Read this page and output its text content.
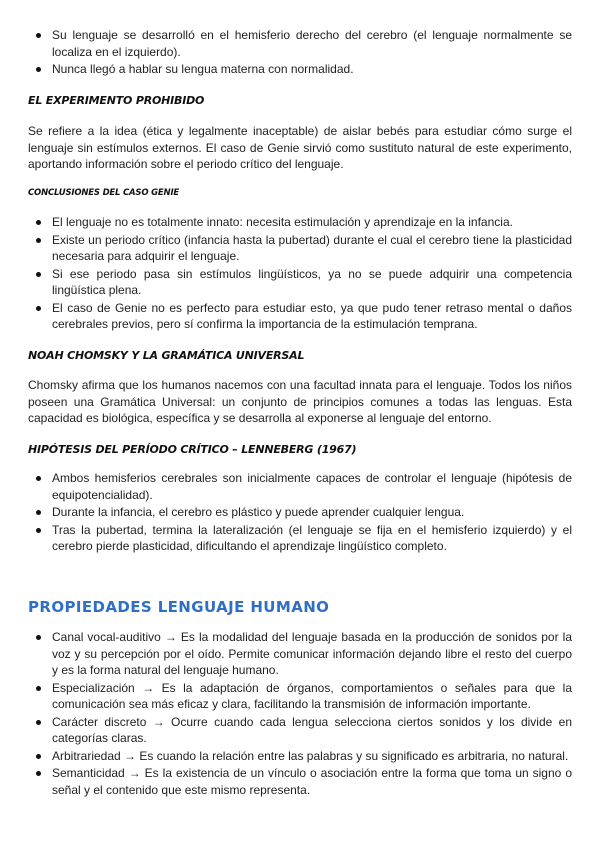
Su lenguaje se desarrolló en el hemisferio derecho del cerebro (el lenguaje normalmente se localiza en el izquierdo).
Nunca llegó a hablar su lengua materna con normalidad.
EL EXPERIMENTO PROHIBIDO

Se refiere a la idea (ética y legalmente inaceptable) de aislar bebés para estudiar cómo surge el lenguaje sin estímulos externos. El caso de Genie sirvió como sustituto natural de este experimento, aportando información sobre el periodo crítico del lenguaje.

CONCLUSIONES DEL CASO GENIE
El lenguaje no es totalmente innato: necesita estimulación y aprendizaje en la infancia.
Existe un periodo crítico (infancia hasta la pubertad) durante el cual el cerebro tiene la plasticidad necesaria para adquirir el lenguaje.
Si ese periodo pasa sin estímulos lingüísticos, ya no se puede adquirir una competencia lingüística plena.
El caso de Genie no es perfecto para estudiar esto, ya que pudo tener retraso mental o daños cerebrales previos, pero sí confirma la importancia de la estimulación temprana.
NOAH CHOMSKY Y LA GRAMÁTICA UNIVERSAL

Chomsky afirma que los humanos nacemos con una facultad innata para el lenguaje. Todos los niños poseen una Gramática Universal: un conjunto de principios comunes a todas las lenguas. Esta capacidad es biológica, específica y se desarrolla al exponerse al lenguaje del entorno.

HIPÓTESIS DEL PERÍODO CRÍTICO – LENNEBERG (1967)
Ambos hemisferios cerebrales son inicialmente capaces de controlar el lenguaje (hipótesis de equipotencialidad).
Durante la infancia, el cerebro es plástico y puede aprender cualquier lengua.
Tras la pubertad, termina la lateralización (el lenguaje se fija en el hemisferio izquierdo) y el cerebro pierde plasticidad, dificultando el aprendizaje lingüístico completo.
PROPIEDADES LENGUAJE HUMANO
Canal vocal-auditivo → Es la modalidad del lenguaje basada en la producción de sonidos por la voz y su percepción por el oído. Permite comunicar información dejando libre el resto del cuerpo y es la forma natural del lenguaje humano.
Especialización → Es la adaptación de órganos, comportamientos o señales para que la comunicación sea más eficaz y clara, facilitando la transmisión de información importante.
Carácter discreto → Ocurre cuando cada lengua selecciona ciertos sonidos y los divide en categorías claras.
Arbitrariedad → Es cuando la relación entre las palabras y su significado es arbitraria, no natural.
Semanticidad → Es la existencia de un vínculo o asociación entre la forma que toma un signo o señal y el contenido que este mismo representa.
